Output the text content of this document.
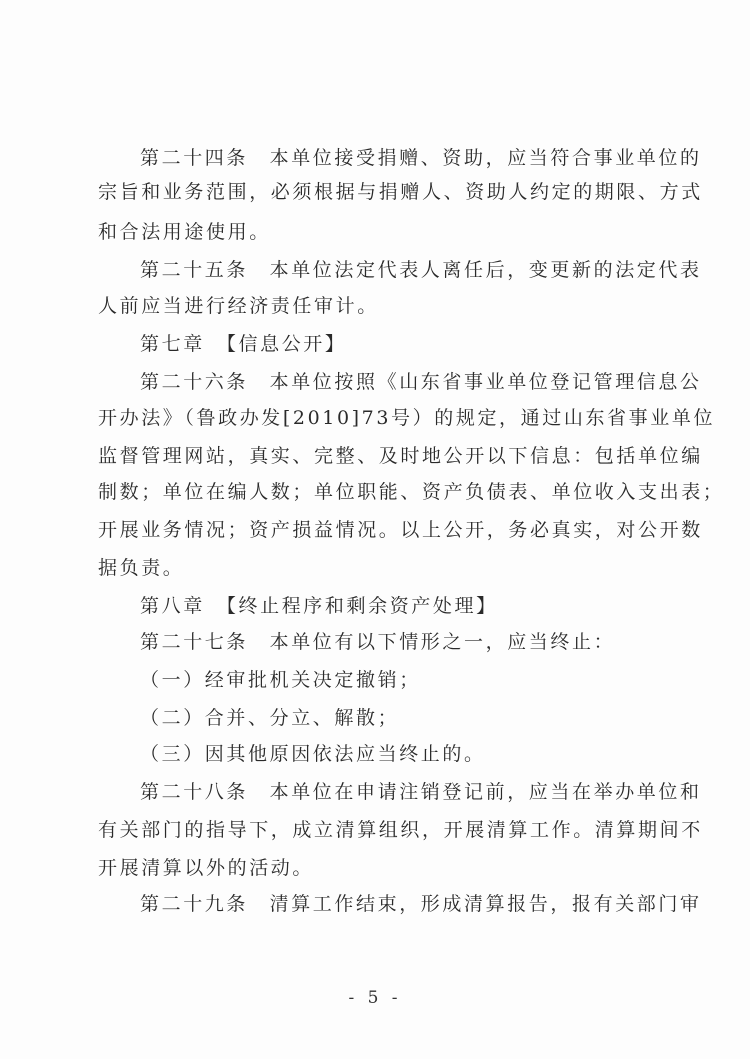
第二十四条　本单位接受捐赠、资助，应当符合事业单位的
宗旨和业务范围，必须根据与捐赠人、资助人约定的期限、方式
和合法用途使用。
第二十五条　本单位法定代表人离任后，变更新的法定代表
人前应当进行经济责任审计。
第七章　【信息公开】
第二十六条　本单位按照《山东省事业单位登记管理信息公
开办法》（鲁政办发[2010]73号）的规定，通过山东省事业单位
监督管理网站，真实、完整、及时地公开以下信息：包括单位编
制数；单位在编人数；单位职能、资产负债表、单位收入支出表；
开展业务情况；资产损益情况。以上公开，务必真实，对公开数
据负责。
第八章　【终止程序和剩余资产处理】
第二十七条　本单位有以下情形之一，应当终止：
（一）经审批机关决定撤销；
（二）合并、分立、解散；
（三）因其他原因依法应当终止的。
第二十八条　本单位在申请注销登记前，应当在举办单位和
有关部门的指导下，成立清算组织，开展清算工作。清算期间不
开展清算以外的活动。
第二十九条　清算工作结束，形成清算报告，报有关部门审
- 5 -
